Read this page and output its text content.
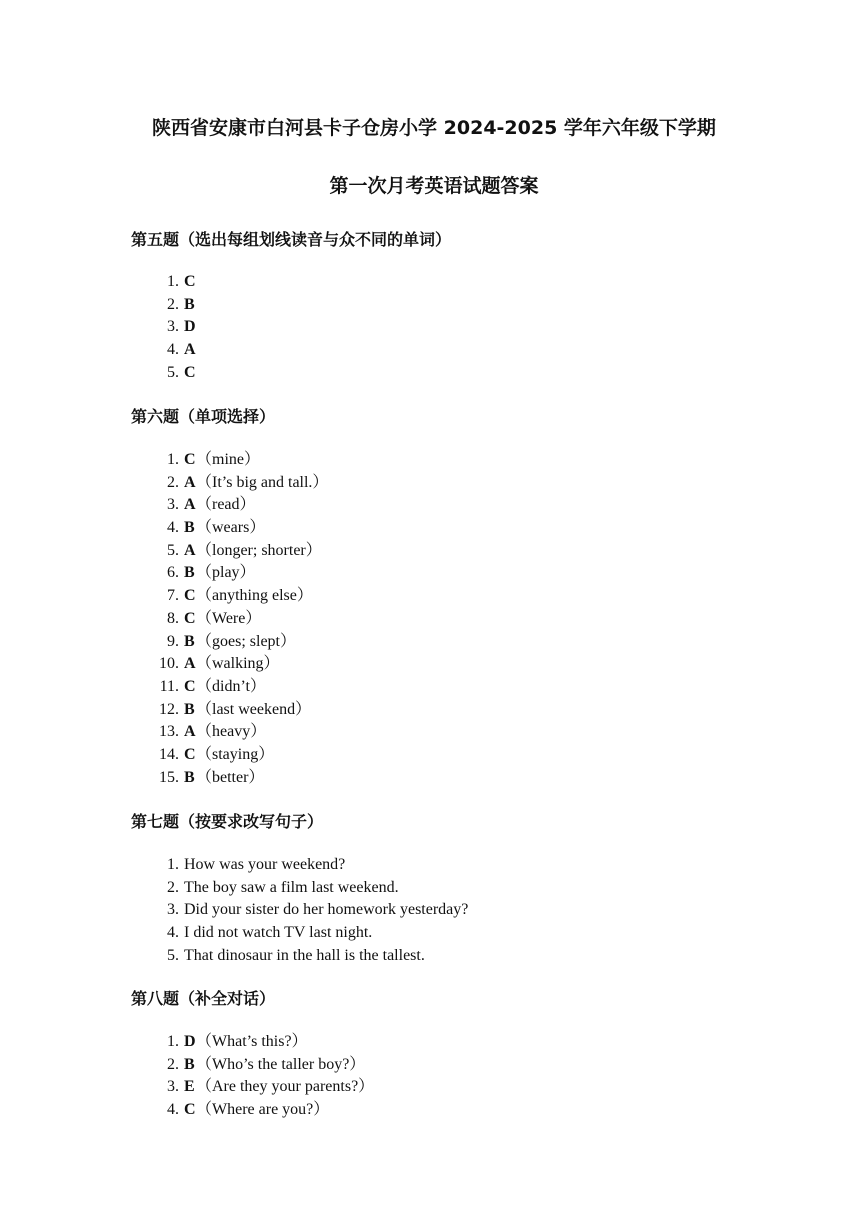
陕西省安康市白河县卡子仓房小学 2024-2025 学年六年级下学期
第一次月考英语试题答案
第五题（选出每组划线读音与众不同的单词）
1. C
2. B
3. D
4. A
5. C
第六题（单项选择）
1. C（mine）
2. A（It’s big and tall.）
3. A（read）
4. B（wears）
5. A（longer; shorter）
6. B（play）
7. C（anything else）
8. C（Were）
9. B（goes; slept）
10. A（walking）
11. C（didn’t）
12. B（last weekend）
13. A（heavy）
14. C（staying）
15. B（better）
第七题（按要求改写句子）
1. How was your weekend?
2. The boy saw a film last weekend.
3. Did your sister do her homework yesterday?
4. I did not watch TV last night.
5. That dinosaur in the hall is the tallest.
第八题（补全对话）
1. D（What’s this?）
2. B（Who’s the taller boy?）
3. E（Are they your parents?）
4. C（Where are you?）
